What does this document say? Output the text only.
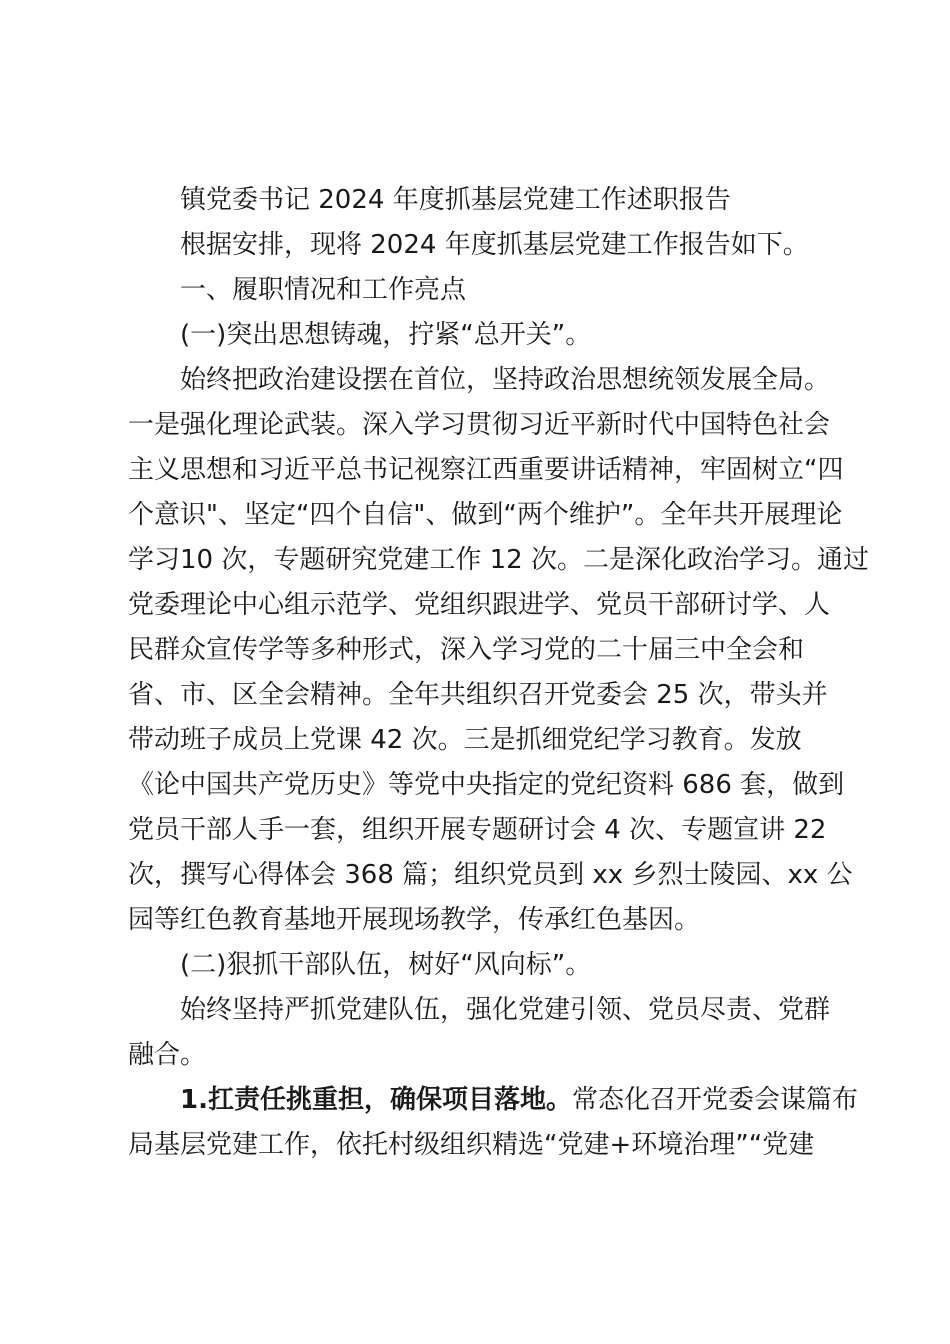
镇党委书记 2024 年度抓基层党建工作述职报告
根据安排，现将 2024 年度抓基层党建工作报告如下。
一、履职情况和工作亮点
(一)突出思想铸魂，拧紧“总开关”。
始终把政治建设摆在首位，坚持政治思想统领发展全局。
一是强化理论武装。深入学习贯彻习近平新时代中国特色社会
主义思想和习近平总书记视察江西重要讲话精神，牢固树立“四
个意识"、坚定“四个自信"、做到“两个维护”。全年共开展理论
学习10 次，专题研究党建工作 12 次。二是深化政治学习。通过
党委理论中心组示范学、党组织跟进学、党员干部研讨学、人
民群众宣传学等多种形式，深入学习党的二十届三中全会和
省、市、区全会精神。全年共组织召开党委会 25 次，带头并
带动班子成员上党课 42 次。三是抓细党纪学习教育。发放
《论中国共产党历史》等党中央指定的党纪资料 686 套，做到
党员干部人手一套，组织开展专题研讨会 4 次、专题宣讲 22
次，撰写心得体会 368 篇；组织党员到 xx 乡烈士陵园、xx 公
园等红色教育基地开展现场教学，传承红色基因。
(二)狠抓干部队伍，树好“风向标”。
始终坚持严抓党建队伍，强化党建引领、党员尽责、党群
融合。
1.扛责任挑重担，确保项目落地。常态化召开党委会谋篇布
局基层党建工作，依托村级组织精选“党建+环境治理”“党建
